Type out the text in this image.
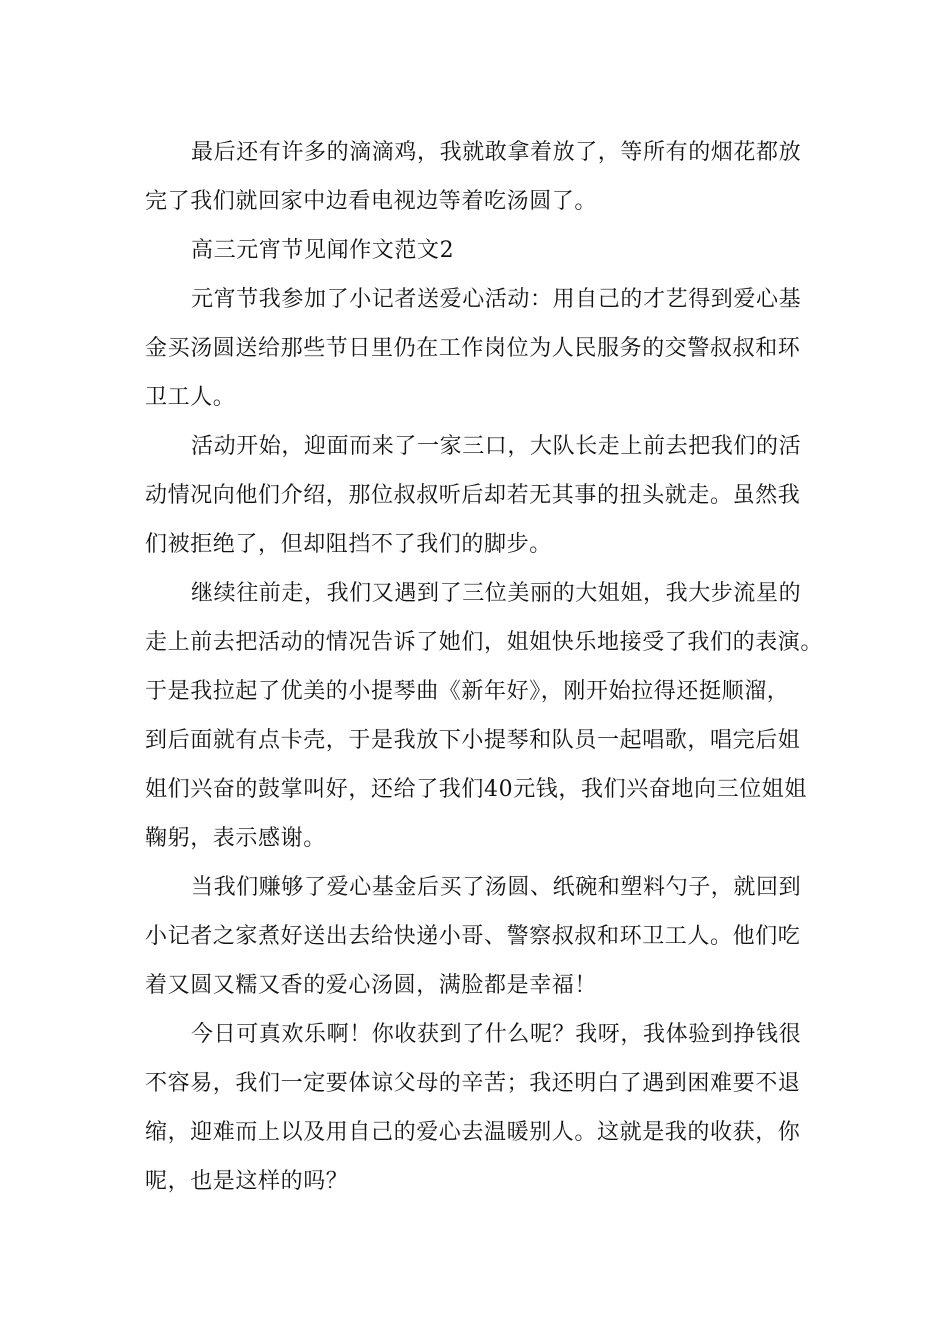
最后还有许多的滴滴鸡，我就敢拿着放了，等所有的烟花都放
完了我们就回家中边看电视边等着吃汤圆了。

高三元宵节见闻作文范文2

元宵节我参加了小记者送爱心活动：用自己的才艺得到爱心基
金买汤圆送给那些节日里仍在工作岗位为人民服务的交警叔叔和环
卫工人。

活动开始，迎面而来了一家三口，大队长走上前去把我们的活
动情况向他们介绍，那位叔叔听后却若无其事的扭头就走。虽然我
们被拒绝了，但却阻挡不了我们的脚步。

继续往前走，我们又遇到了三位美丽的大姐姐，我大步流星的
走上前去把活动的情况告诉了她们，姐姐快乐地接受了我们的表演。
于是我拉起了优美的小提琴曲《新年好》，刚开始拉得还挺顺溜，
到后面就有点卡壳，于是我放下小提琴和队员一起唱歌，唱完后姐
姐们兴奋的鼓掌叫好，还给了我们40元钱，我们兴奋地向三位姐姐
鞠躬，表示感谢。

当我们赚够了爱心基金后买了汤圆、纸碗和塑料勺子，就回到
小记者之家煮好送出去给快递小哥、警察叔叔和环卫工人。他们吃
着又圆又糯又香的爱心汤圆，满脸都是幸福！

今日可真欢乐啊！你收获到了什么呢？我呀，我体验到挣钱很
不容易，我们一定要体谅父母的辛苦；我还明白了遇到困难要不退
缩，迎难而上以及用自己的爱心去温暖别人。这就是我的收获，你
呢，也是这样的吗？
